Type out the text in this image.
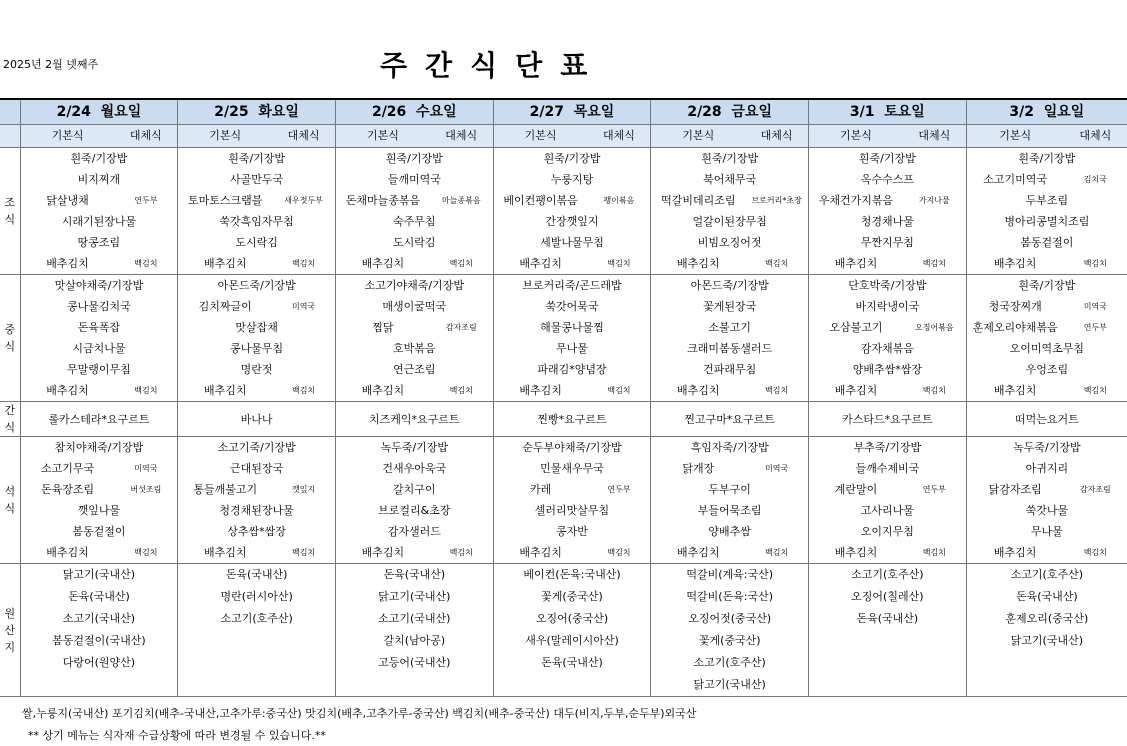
2025년 2월 넷째주	주간식단표
	2/24 월요일		2/25 화요일		2/26 수요일		2/27 목요일		2/28 금요일		3/1 토요일		3/2 일요일	
	기본식	대체식	기본식	대체식	기본식	대체식	기본식	대체식	기본식	대체식	기본식	대체식	기본식	대체식
조식	흰죽/기장밥		흰죽/기장밥		흰죽/기장밥		흰죽/기장밥		흰죽/기장밥		흰죽/기장밥		흰죽/기장밥	
	비지찌개		사골만두국		들깨미역국		누룽지탕		북어채무국		옥수수스프		소고기미역국	김치국
	닭살냉채	연두부	토마토스크램블	새우젓두부	돈채마늘종볶음	마늘종볶음	베이컨팽이볶음	팽이볶음	떡갈비데리조림	브로커리*초장	우채건가지볶음	가지나물	두부조림	
	시래기된장나물		쑥갓흑임자무침		숙주무침		간장깻잎지		얼갈이된장무침		청경채나물		병아리콩멸치조림	
	땅콩조림		도시락김		도시락김		세발나물무침		비빔오징어젓		무짠지무침		봄동겉절이	
	배추김치	백김치	배추김치	백김치	배추김치	백김치	배추김치	백김치	배추김치	백김치	배추김치	백김치	배추김치	백김치
중식	맛살야채죽/기장밥		아몬드죽/기장밥		소고기야채죽/기장밥		브로커리죽/곤드레밥		아몬드죽/기장밥		단호박죽/기장밥		흰죽/기장밥	
	콩나물김치국		김치짜글이	미역국	매생이굴떡국		쑥갓어묵국		꽃게된장국		바지락냉이국		청국장찌개	미역국
	돈육폭잡		맛살잡채		찜닭	감자조림	해물콩나물찜		소불고기		오삼불고기	오징어볶음	훈제오리야채볶음	연두부
	시금치나물		콩나물무침		호박볶음		무나물		크래미봄동샐러드		감자채볶음		오이미역초무침	
	무말랭이무침		명란젓		연근조림		파래김*양념장		건파래무침		양배추쌈*쌈장		우엉조림	
	배추김치	백김치	배추김치	백김치	배추김치	백김치	배추김치	백김치	배추김치	백김치	배추김치	백김치	배추김치	백김치
간식	롤카스테라*요구르트		바나나		치즈케익*요구르트		찐빵*요구르트		찐고구마*요구르트		카스타드*요구르트		떠먹는요거트	
석식	참치야채죽/기장밥		소고기죽/기장밥		녹두죽/기장밥		순두부야채죽/기장밥		흑임자죽/기장밥		부추죽/기장밥		녹두죽/기장밥	
	소고기무국	미역국	근대된장국		건새우아욱국		민물새우무국		닭개장	미역국	들깨수제비국		아귀지리	
	돈육장조림	버섯조림	통들깨불고기	깻잎지	갈치구이		카레	연두부	두부구이		계란말이	연두부	닭감자조림	감자조림
	깻잎나물		청경채된장나물		브로컬리&초장		셀러리맛살무침		부들어묵조림		고사리나물		쑥갓나물	
	봄동겉절이		상추쌈*쌈장		감자샐러드		콩자반		양배추쌈		오이지무침		무나물	
	배추김치	백김치	배추김치	백김치	배추김치	백김치	배추김치	백김치	배추김치	백김치	배추김치	백김치	배추김치	백김치
원산지	닭고기(국내산)		돈육(국내산)		돈육(국내산)		베이컨(돈육:국내산)		떡갈비(계육:국산)		소고기(호주산)		소고기(호주산)	
	돈육(국내산)		명란(러시아산)		닭고기(국내산)		꽃게(중국산)		떡갈비(돈육:국산)		오징어(칠레산)		돈육(국내산)	
	소고기(국내산)		소고기(호주산)		소고기(국내산)		오징어(중국산)		오징어젓(중국산)		돈육(국내산)		훈제오리(중국산)	
	봄동겉절이(국내산)				갈치(남아공)		새우(말레이시아산)		꽃게(중국산)				닭고기(국내산)	
	다랑어(원양산)				고등어(국내산)		돈육(국내산)		소고기(호주산)					
									닭고기(국내산)					
쌀,누룽지(국내산) 포기김치(배추-국내산,고추가루:중국산) 맛김치(배추,고추가루-중국산) 백김치(배추-중국산) 대두(비지,두부,순두부)외국산
** 상기 메뉴는 식자재 수급상황에 따라 변경될 수 있습니다.**
